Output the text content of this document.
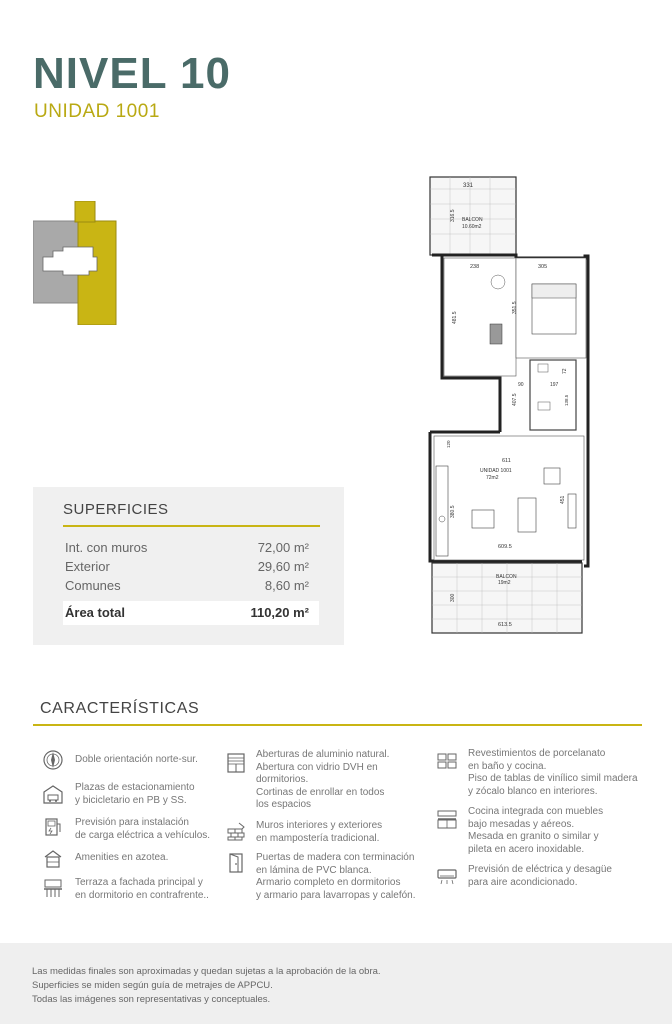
NIVEL 10
UNIDAD 1001
331
316.5 BALCON
10.60m2
238	305
481.5
351.5
90	197
72
138.5
407.5
120
611
UNIDAD 1001
72m2
380.5
451
609.5
BALCON
19m2
300
613.5
SUPERFICIES
Int. con muros	72,00 m²
Exterior	29,60 m²
Comunes	8,60 m²
Área total	110,20 m²
CARACTERÍSTICAS
Doble orientación norte-sur.
Plazas de estacionamiento
y bicicletario en PB y SS.
Previsión para instalación
de carga eléctrica a vehículos.
Amenities en azotea.
Terraza a fachada principal y
en dormitorio en contrafrente..
Aberturas de aluminio natural.
Abertura con vidrio DVH en
dormitorios.
Cortinas de enrollar en todos
los espacios
Muros interiores y exteriores
en mampostería tradicional.
Puertas de madera con terminación
en lámina de PVC blanca.
Armario completo en dormitorios
y armario para lavarropas y calefón.
Revestimientos de porcelanato
en baño y cocina.
Piso de tablas de vinílico simil madera
y zócalo blanco en interiores.
Cocina integrada con muebles
bajo mesadas y aéreos.
Mesada en granito o similar y
pileta en acero inoxidable.
Previsión de eléctrica y desagüe
para aire acondicionado.
Las medidas finales son aproximadas y quedan sujetas a la aprobación de la obra.
Superficies se miden según guía de metrajes de APPCU.
Todas las imágenes son representativas y conceptuales.
